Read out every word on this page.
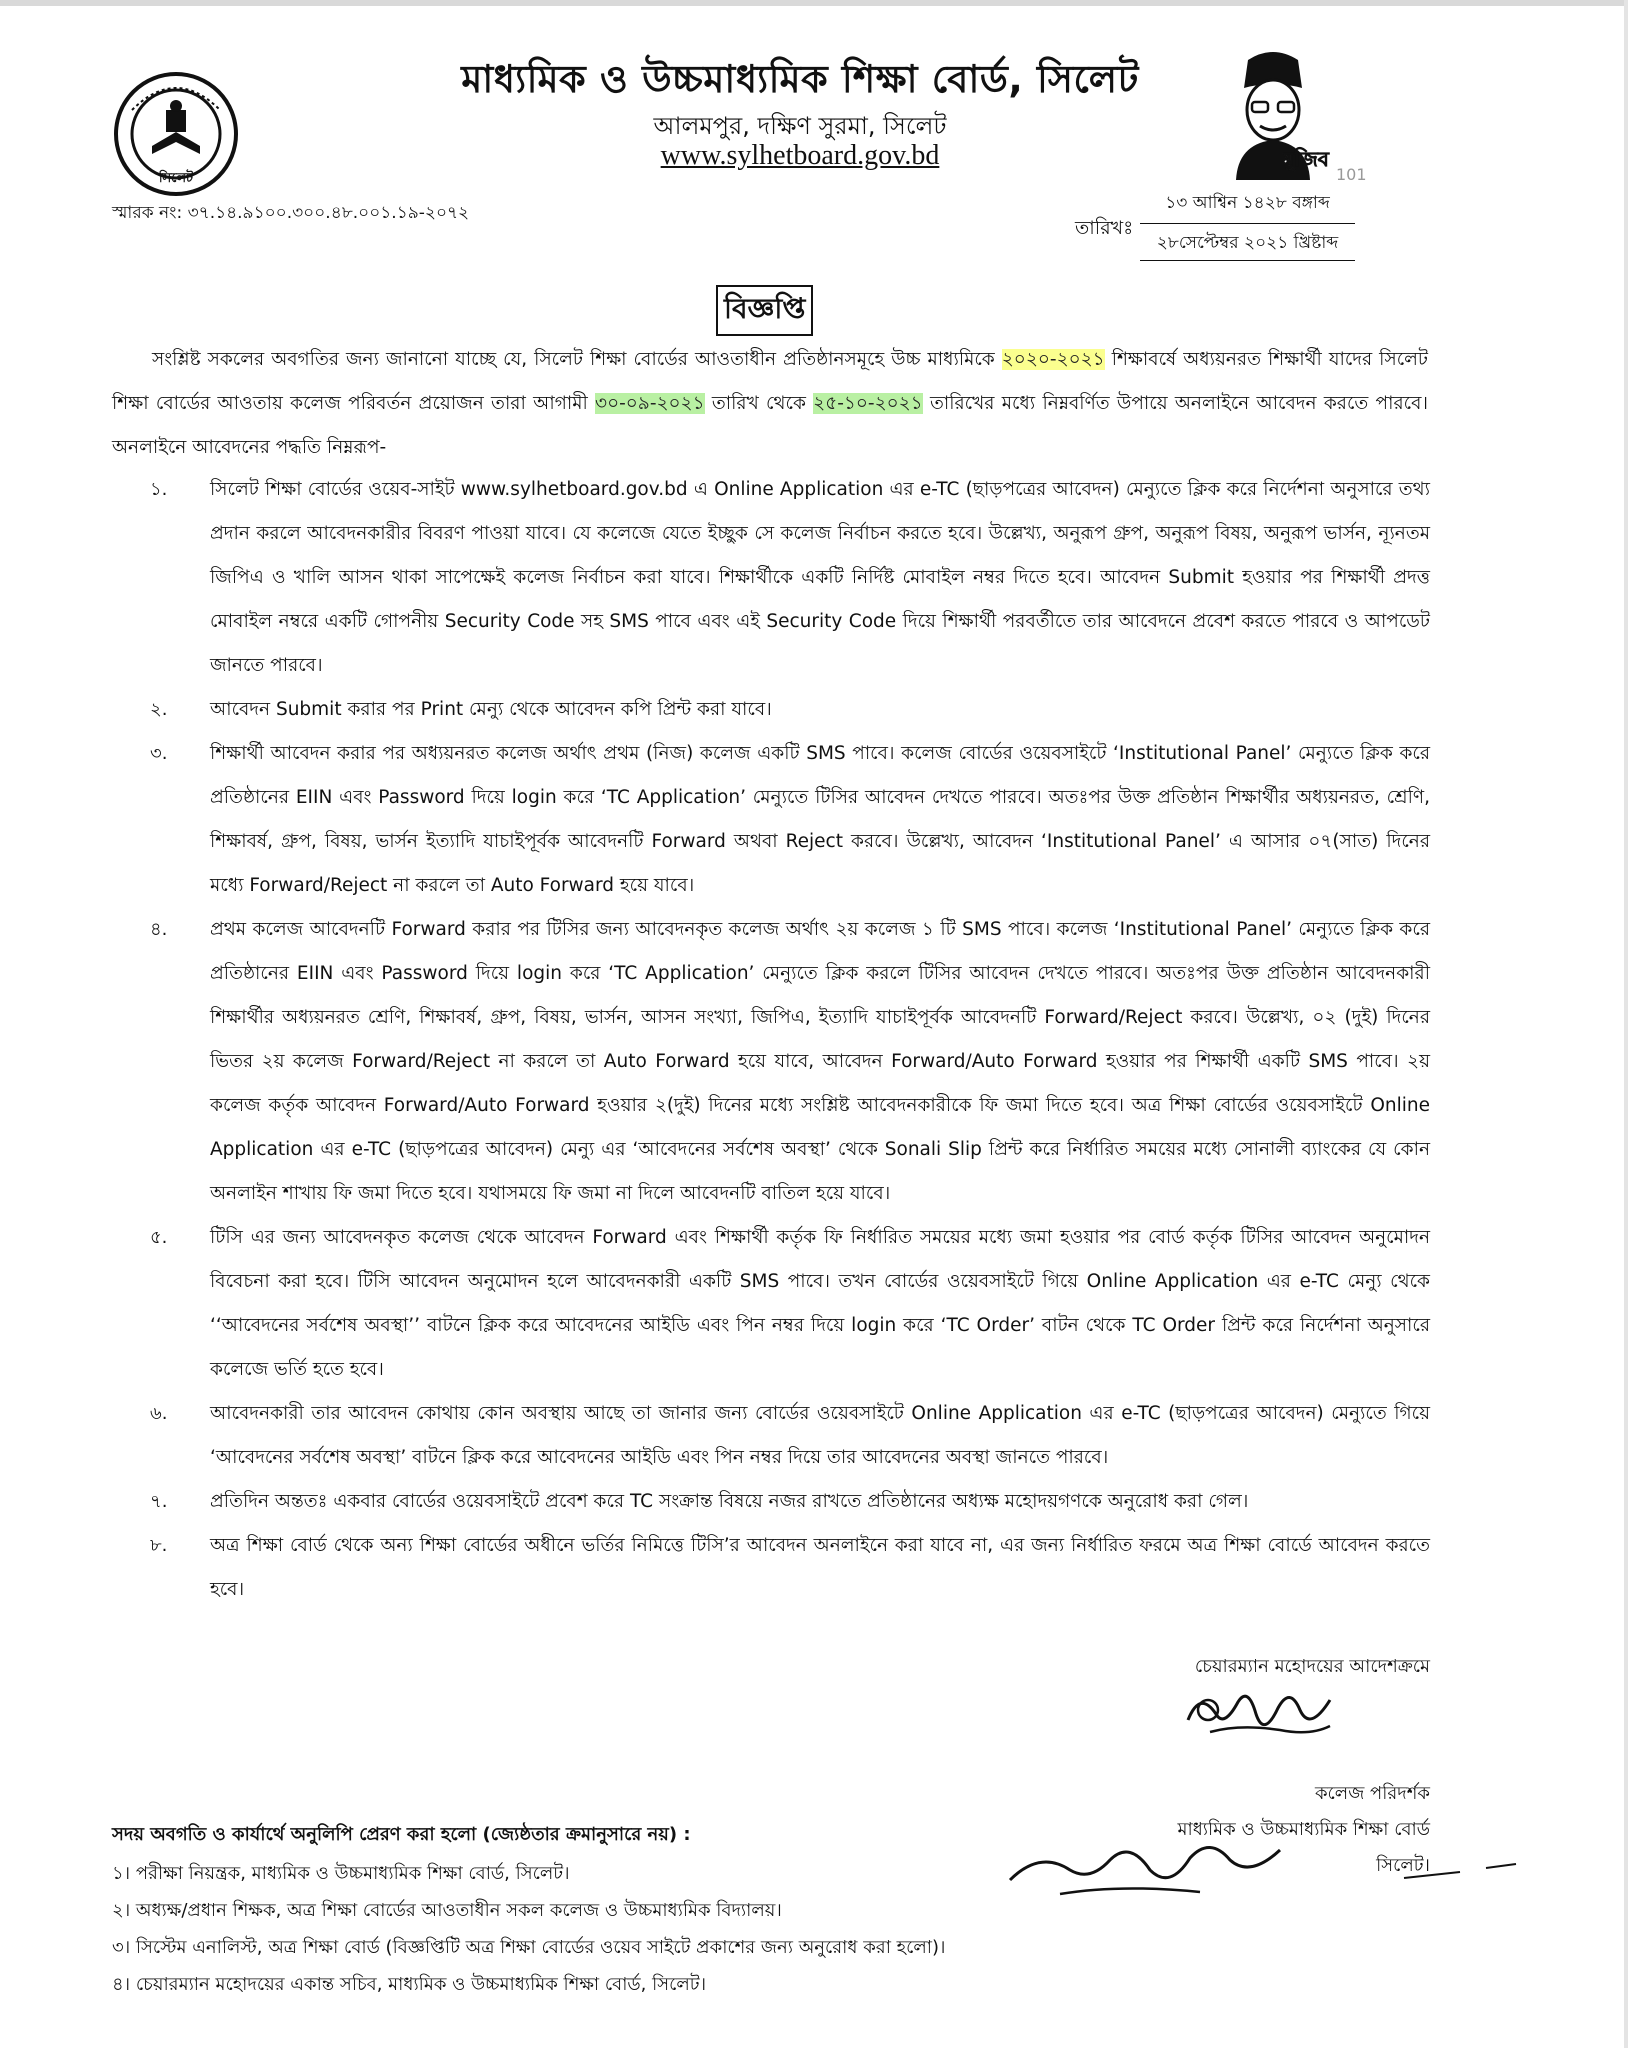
সিলেট
মুজিব
101
মাধ্যমিক ও উচ্চমাধ্যমিক শিক্ষা বোর্ড, সিলেট
আলমপুর, দক্ষিণ সুরমা, সিলেট
www.sylhetboard.gov.bd
স্মারক নং: ৩৭.১৪.৯১০০.৩০০.৪৮.০০১.১৯-২০৭২
তারিখঃ
১৩ আশ্বিন ১৪২৮ বঙ্গাব্দ
২৮সেপ্টেম্বর ২০২১ খ্রিষ্টাব্দ
বিজ্ঞপ্তি
সংশ্লিষ্ট সকলের অবগতির জন্য জানানো যাচ্ছে যে, সিলেট শিক্ষা বোর্ডের আওতাধীন প্রতিষ্ঠানসমূহে উচ্চ মাধ্যমিকে ২০২০-২০২১ শিক্ষাবর্ষে অধ্যয়নরত শিক্ষার্থী যাদের সিলেট শিক্ষা বোর্ডের আওতায় কলেজ পরিবর্তন প্রয়োজন তারা আগামী ৩০-০৯-২০২১ তারিখ থেকে ২৫-১০-২০২১ তারিখের মধ্যে নিম্নবর্ণিত উপায়ে অনলাইনে আবেদন করতে পারবে। অনলাইনে আবেদনের পদ্ধতি নিম্নরূপ-
১.	সিলেট শিক্ষা বোর্ডের ওয়েব-সাইট www.sylhetboard.gov.bd এ Online Application এর e-TC (ছাড়পত্রের আবেদন) মেন্যুতে ক্লিক করে নির্দেশনা অনুসারে তথ্য প্রদান করলে আবেদনকারীর বিবরণ পাওয়া যাবে। যে কলেজে যেতে ইচ্ছুক সে কলেজ নির্বাচন করতে হবে। উল্লেখ্য, অনুরূপ গ্রুপ, অনুরূপ বিষয়, অনুরূপ ভার্সন, ন্যূনতম জিপিএ ও খালি আসন থাকা সাপেক্ষেই কলেজ নির্বাচন করা যাবে। শিক্ষার্থীকে একটি নির্দিষ্ট মোবাইল নম্বর দিতে হবে। আবেদন Submit হওয়ার পর শিক্ষার্থী প্রদত্ত মোবাইল নম্বরে একটি গোপনীয় Security Code সহ SMS পাবে এবং এই Security Code দিয়ে শিক্ষার্থী পরবর্তীতে তার আবেদনে প্রবেশ করতে পারবে ও আপডেট জানতে পারবে।
২.	আবেদন Submit করার পর Print মেন্যু থেকে আবেদন কপি প্রিন্ট করা যাবে।
৩.	শিক্ষার্থী আবেদন করার পর অধ্যয়নরত কলেজ অর্থাৎ প্রথম (নিজ) কলেজ একটি SMS পাবে। কলেজ বোর্ডের ওয়েবসাইটে ‘Institutional Panel’ মেন্যুতে ক্লিক করে প্রতিষ্ঠানের EIIN এবং Password দিয়ে login করে ‘TC Application’ মেন্যুতে টিসির আবেদন দেখতে পারবে। অতঃপর উক্ত প্রতিষ্ঠান শিক্ষার্থীর অধ্যয়নরত, শ্রেণি, শিক্ষাবর্ষ, গ্রুপ, বিষয়, ভার্সন ইত্যাদি যাচাইপূর্বক আবেদনটি Forward অথবা Reject করবে। উল্লেখ্য, আবেদন ‘Institutional Panel’ এ আসার ০৭(সাত) দিনের মধ্যে Forward/Reject না করলে তা Auto Forward হয়ে যাবে।
৪.	প্রথম কলেজ আবেদনটি Forward করার পর টিসির জন্য আবেদনকৃত কলেজ অর্থাৎ ২য় কলেজ ১ টি SMS পাবে। কলেজ ‘Institutional Panel’ মেন্যুতে ক্লিক করে প্রতিষ্ঠানের EIIN এবং Password দিয়ে login করে ‘TC Application’ মেন্যুতে ক্লিক করলে টিসির আবেদন দেখতে পারবে। অতঃপর উক্ত প্রতিষ্ঠান আবেদনকারী শিক্ষার্থীর অধ্যয়নরত শ্রেণি, শিক্ষাবর্ষ, গ্রুপ, বিষয়, ভার্সন, আসন সংখ্যা, জিপিএ, ইত্যাদি যাচাইপূর্বক আবেদনটি Forward/Reject করবে। উল্লেখ্য, ০২ (দুই) দিনের ভিতর ২য় কলেজ Forward/Reject না করলে তা Auto Forward হয়ে যাবে, আবেদন Forward/Auto Forward হওয়ার পর শিক্ষার্থী একটি SMS পাবে। ২য় কলেজ কর্তৃক আবেদন Forward/Auto Forward হওয়ার ২(দুই) দিনের মধ্যে সংশ্লিষ্ট আবেদনকারীকে ফি জমা দিতে হবে। অত্র শিক্ষা বোর্ডের ওয়েবসাইটে Online Application এর e-TC (ছাড়পত্রের আবেদন) মেন্যু এর ‘আবেদনের সর্বশেষ অবস্থা’ থেকে Sonali Slip প্রিন্ট করে নির্ধারিত সময়ের মধ্যে সোনালী ব্যাংকের যে কোন অনলাইন শাখায় ফি জমা দিতে হবে। যথাসময়ে ফি জমা না দিলে আবেদনটি বাতিল হয়ে যাবে।
৫.	টিসি এর জন্য আবেদনকৃত কলেজ থেকে আবেদন Forward এবং শিক্ষার্থী কর্তৃক ফি নির্ধারিত সময়ের মধ্যে জমা হওয়ার পর বোর্ড কর্তৃক টিসির আবেদন অনুমোদন বিবেচনা করা হবে। টিসি আবেদন অনুমোদন হলে আবেদনকারী একটি SMS পাবে। তখন বোর্ডের ওয়েবসাইটে গিয়ে Online Application এর e-TC মেন্যু থেকে ‘‘আবেদনের সর্বশেষ অবস্থা’’ বাটনে ক্লিক করে আবেদনের আইডি এবং পিন নম্বর দিয়ে login করে ‘TC Order’ বাটন থেকে TC Order প্রিন্ট করে নির্দেশনা অনুসারে কলেজে ভর্তি হতে হবে।
৬.	আবেদনকারী তার আবেদন কোথায় কোন অবস্থায় আছে তা জানার জন্য বোর্ডের ওয়েবসাইটে Online Application এর e-TC (ছাড়পত্রের আবেদন) মেন্যুতে গিয়ে ‘আবেদনের সর্বশেষ অবস্থা’ বাটনে ক্লিক করে আবেদনের আইডি এবং পিন নম্বর দিয়ে তার আবেদনের অবস্থা জানতে পারবে।
৭.	প্রতিদিন অন্ততঃ একবার বোর্ডের ওয়েবসাইটে প্রবেশ করে TC সংক্রান্ত বিষয়ে নজর রাখতে প্রতিষ্ঠানের অধ্যক্ষ মহোদয়গণকে অনুরোধ করা গেল।
৮.	অত্র শিক্ষা বোর্ড থেকে অন্য শিক্ষা বোর্ডের অধীনে ভর্তির নিমিত্তে টিসি’র আবেদন অনলাইনে করা যাবে না, এর জন্য নির্ধারিত ফরমে অত্র শিক্ষা বোর্ডে আবেদন করতে হবে।
চেয়ারম্যান মহোদয়ের আদেশক্রমে
কলেজ পরিদর্শক
মাধ্যমিক ও উচ্চমাধ্যমিক শিক্ষা বোর্ড
সিলেট।
সদয় অবগতি ও কার্যার্থে অনুলিপি প্রেরণ করা হলো (জ্যেষ্ঠতার ক্রমানুসারে নয়) :
১। পরীক্ষা নিয়ন্ত্রক, মাধ্যমিক ও উচ্চমাধ্যমিক শিক্ষা বোর্ড, সিলেট।
২। অধ্যক্ষ/প্রধান শিক্ষক, অত্র শিক্ষা বোর্ডের আওতাধীন সকল কলেজ ও উচ্চমাধ্যমিক বিদ্যালয়।
৩। সিস্টেম এনালিস্ট, অত্র শিক্ষা বোর্ড (বিজ্ঞপ্তিটি অত্র শিক্ষা বোর্ডের ওয়েব সাইটে প্রকাশের জন্য অনুরোধ করা হলো)।
৪। চেয়ারম্যান মহোদয়ের একান্ত সচিব, মাধ্যমিক ও উচ্চমাধ্যমিক শিক্ষা বোর্ড, সিলেট।
